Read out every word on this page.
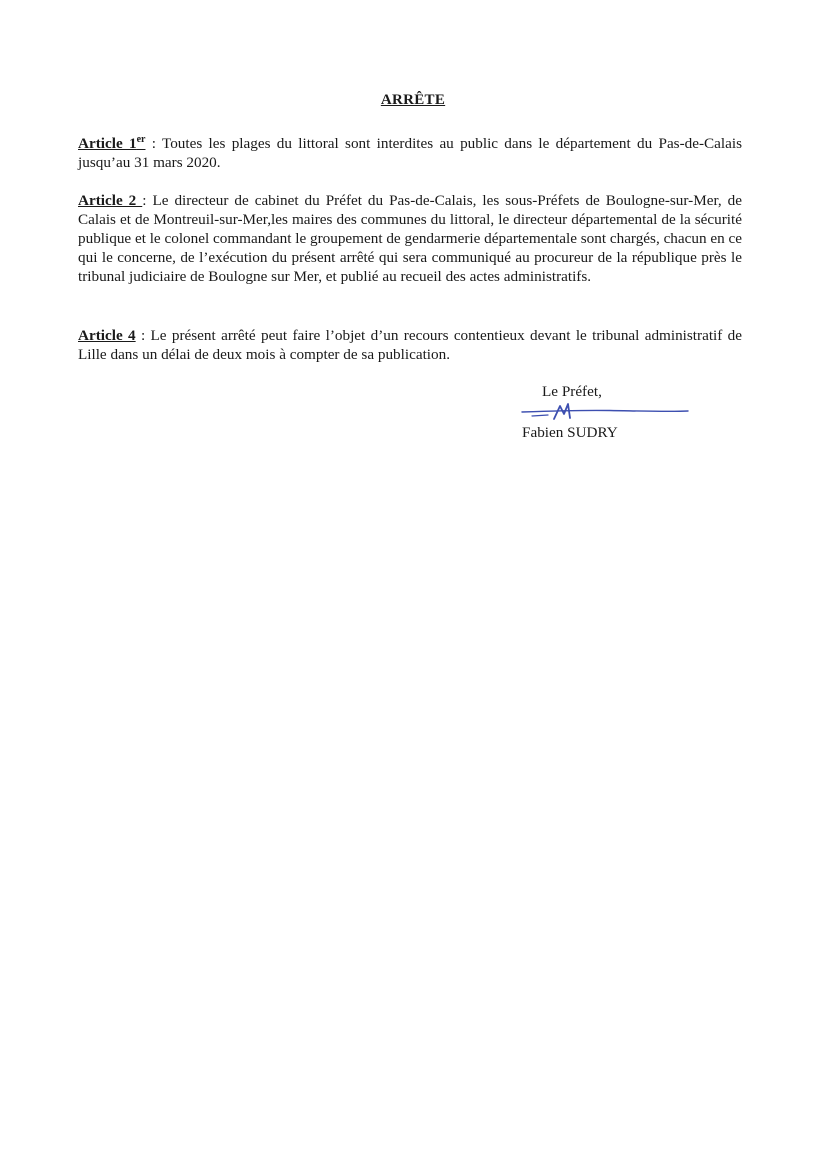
ARRÊTE
Article 1er : Toutes les plages du littoral sont interdites au public dans le département du Pas-de-Calais jusqu’au 31 mars 2020.
Article 2 : Le directeur de cabinet du Préfet du Pas-de-Calais, les sous-Préfets de Boulogne-sur-Mer, de Calais et de Montreuil-sur-Mer,les maires des communes du littoral, le directeur départemental de la sécurité publique et le colonel commandant le groupement de gendarmerie départementale sont chargés, chacun en ce qui le concerne, de l’exécution du présent arrêté qui sera communiqué au procureur de la république près le tribunal judiciaire de Boulogne sur Mer, et publié au recueil des actes administratifs.
Article 4 : Le présent arrêté peut faire l’objet d’un recours contentieux devant le tribunal administratif de Lille dans un délai de deux mois à compter de sa publication.
Le Préfet,
Fabien SUDRY
